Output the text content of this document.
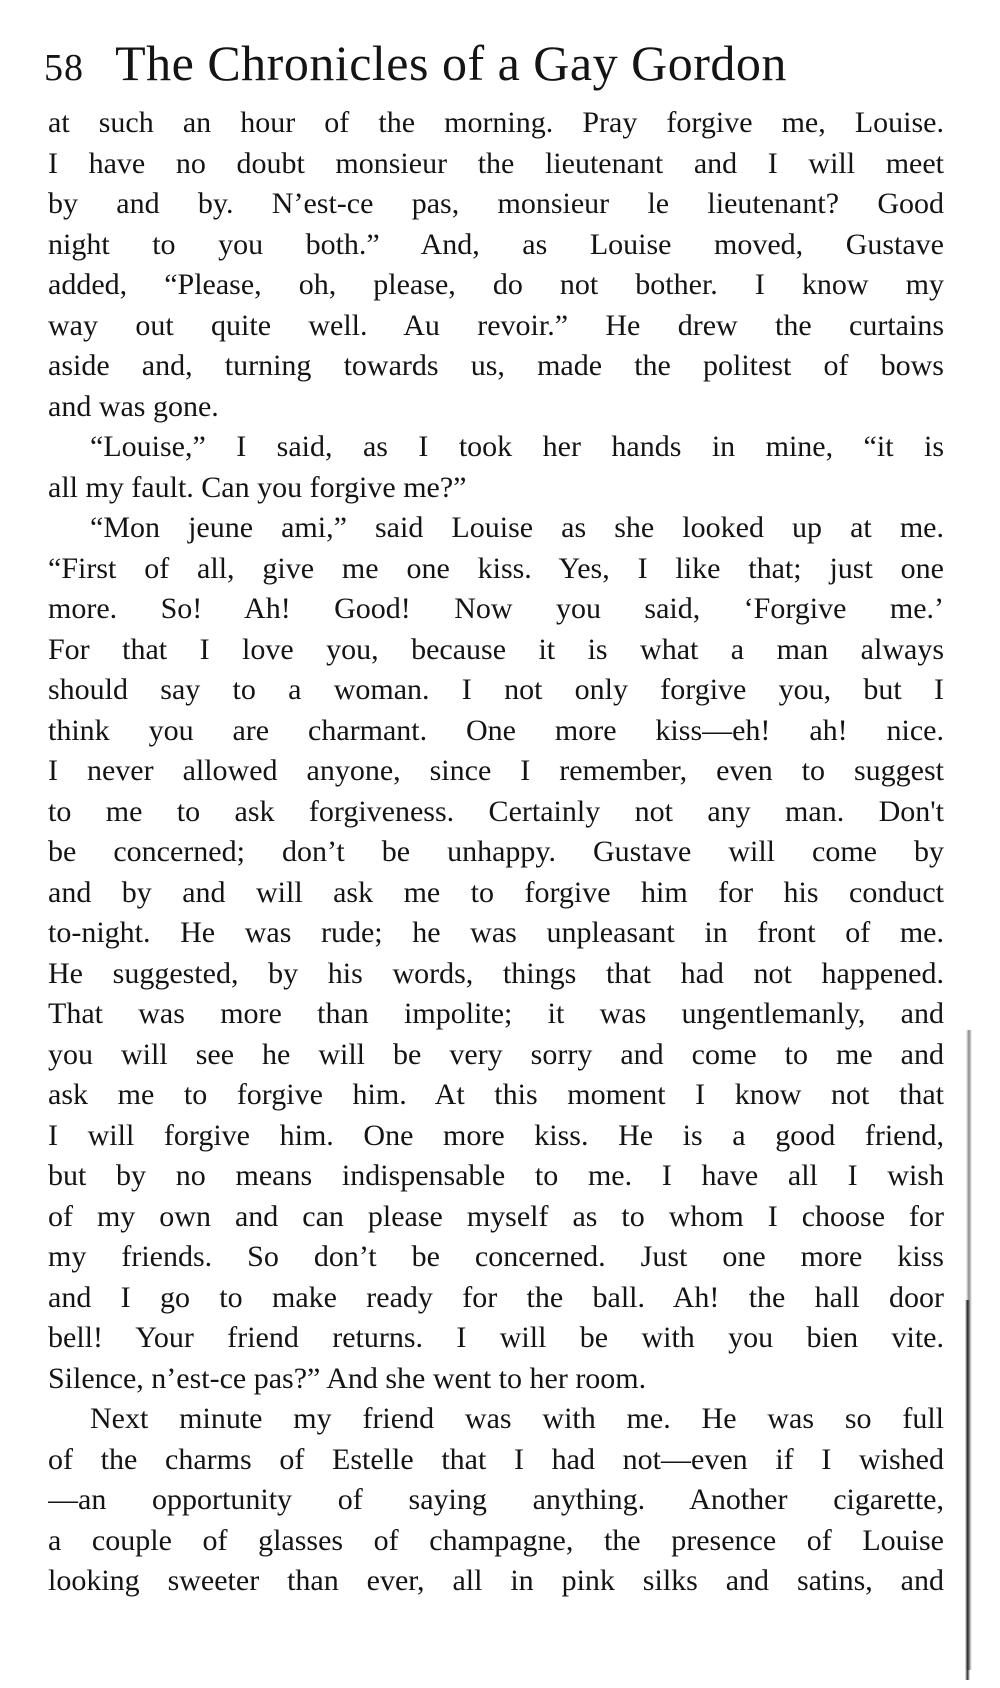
58 The Chronicles of a Gay Gordon
at such an hour of the morning. Pray forgive me, Louise.
I have no doubt monsieur the lieutenant and I will meet
by and by. N’est-ce pas, monsieur le lieutenant? Good
night to you both.” And, as Louise moved, Gustave
added, “Please, oh, please, do not bother. I know my
way out quite well. Au revoir.” He drew the curtains
aside and, turning towards us, made the politest of bows
and was gone.
“Louise,” I said, as I took her hands in mine, “it is
all my fault. Can you forgive me?”
“Mon jeune ami,” said Louise as she looked up at me.
“First of all, give me one kiss. Yes, I like that; just one
more. So! Ah! Good! Now you said, ‘Forgive me.’
For that I love you, because it is what a man always
should say to a woman. I not only forgive you, but I
think you are charmant. One more kiss—eh! ah! nice.
I never allowed anyone, since I remember, even to suggest
to me to ask forgiveness. Certainly not any man. Don't
be concerned; don’t be unhappy. Gustave will come by
and by and will ask me to forgive him for his conduct
to-night. He was rude; he was unpleasant in front of me.
He suggested, by his words, things that had not happened.
That was more than impolite; it was ungentlemanly, and
you will see he will be very sorry and come to me and
ask me to forgive him. At this moment I know not that
I will forgive him. One more kiss. He is a good friend,
but by no means indispensable to me. I have all I wish
of my own and can please myself as to whom I choose for
my friends. So don’t be concerned. Just one more kiss
and I go to make ready for the ball. Ah! the hall door
bell! Your friend returns. I will be with you bien vite.
Silence, n’est-ce pas?” And she went to her room.
Next minute my friend was with me. He was so full
of the charms of Estelle that I had not—even if I wished
—an opportunity of saying anything. Another cigarette,
a couple of glasses of champagne, the presence of Louise
looking sweeter than ever, all in pink silks and satins, and
